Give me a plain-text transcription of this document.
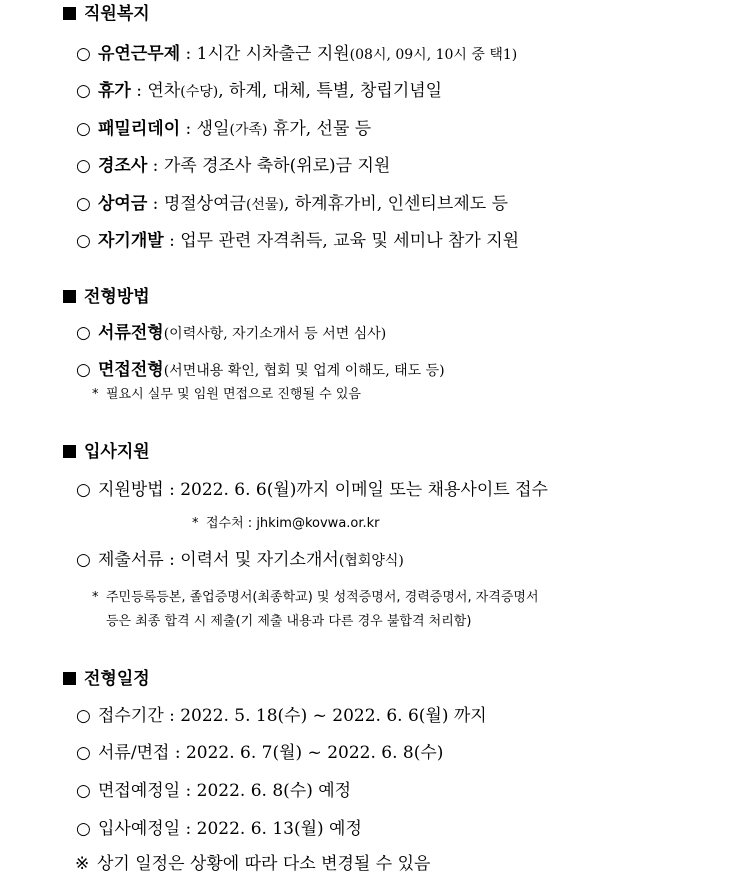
직원복지
○ 유연근무제 : 1시간 시차출근 지원(08시, 09시, 10시 중 택1)
○ 휴가 : 연차(수당), 하계, 대체, 특별, 창립기념일
○ 패밀리데이 : 생일(가족) 휴가, 선물 등
○ 경조사 : 가족 경조사 축하(위로)금 지원
○ 상여금 : 명절상여금(선물), 하계휴가비, 인센티브제도 등
○ 자기개발 : 업무 관련 자격취득, 교육 및 세미나 참가 지원
전형방법
○ 서류전형(이력사항, 자기소개서 등 서면 심사)
○ 면접전형(서면내용 확인, 협회 및 업계 이해도, 태도 등)
* 필요시 실무 및 임원 면접으로 진행될 수 있음
입사지원
○ 지원방법 : 2022. 6. 6(월)까지 이메일 또는 채용사이트 접수
* 접수처 : jhkim@kovwa.or.kr
○ 제출서류 : 이력서 및 자기소개서(협회양식)
* 주민등록등본, 졸업증명서(최종학교) 및 성적증명서, 경력증명서, 자격증명서
등은 최종 합격 시 제출(기 제출 내용과 다른 경우 불합격 처리함)
전형일정
○ 접수기간 : 2022. 5. 18(수) ~ 2022. 6. 6(월) 까지
○ 서류/면접 : 2022. 6. 7(월) ~ 2022. 6. 8(수)
○ 면접예정일 : 2022. 6. 8(수) 예정
○ 입사예정일 : 2022. 6. 13(월) 예정
※ 상기 일정은 상황에 따라 다소 변경될 수 있음
